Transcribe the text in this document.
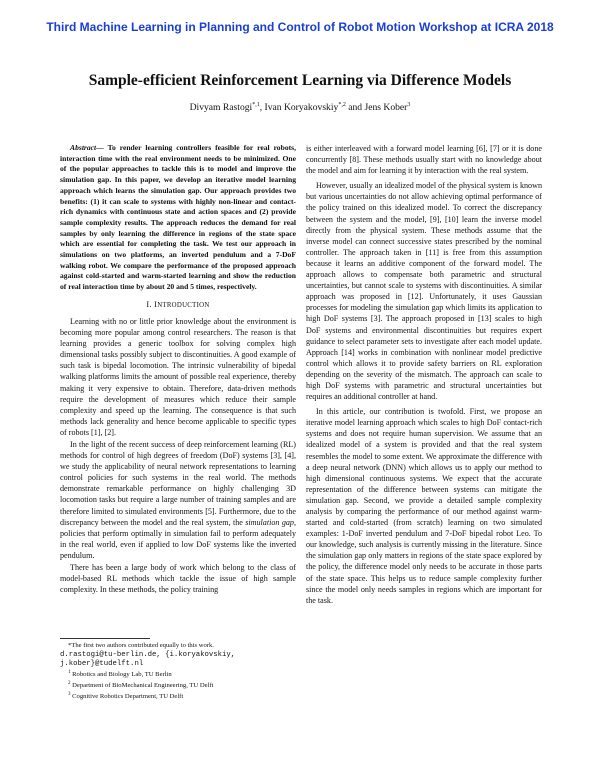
Third Machine Learning in Planning and Control of Robot Motion Workshop at ICRA 2018
Sample-efficient Reinforcement Learning via Difference Models
Divyam Rastogi$^{*,1}$, Ivan Koryakovskiy$^{*,2}$ and Jens Kober$^3$

Abstract— To render learning controllers feasible for real robots, interaction time with the real environment needs to be minimized. One of the popular approaches to tackle this is to model and improve the simulation gap. In this paper, we develop an iterative model learning approach which learns the simulation gap. Our approach provides two benefits: (1) it can scale to systems with highly non-linear and contact-rich dynamics with continuous state and action spaces and (2) provide sample complexity results. The approach reduces the demand for real samples by only learning the difference in regions of the state space which are essential for completing the task. We test our approach in simulations on two platforms, an inverted pendulum and a 7-DoF walking robot. We compare the performance of the proposed approach against cold-started and warm-started learning and show the reduction of real interaction time by about 20 and 5 times, respectively.

I. INTRODUCTION

Learning with no or little prior knowledge about the environment is becoming more popular among control researchers. The reason is that learning provides a generic toolbox for solving complex high dimensional tasks possibly subject to discontinuities. A good example of such task is bipedal locomotion. The intrinsic vulnerability of bipedal walking platforms limits the amount of possible real experience, thereby making it very expensive to obtain. Therefore, data-driven methods require the development of measures which reduce their sample complexity and speed up the learning. The consequence is that such methods lack generality and hence become applicable to specific types of robots [1], [2].

In the light of the recent success of deep reinforcement learning (RL) methods for control of high degrees of freedom (DoF) systems [3], [4], we study the applicability of neural network representations to learning control policies for such systems in the real world. The methods demonstrate remarkable performance on highly challenging 3D locomotion tasks but require a large number of training samples and are therefore limited to simulated environments [5]. Furthermore, due to the discrepancy between the model and the real system, the simulation gap, policies that perform optimally in simulation fail to perform adequately in the real world, even if applied to low DoF systems like the inverted pendulum.

There has been a large body of work which belong to the class of model-based RL methods which tackle the issue of high sample complexity. In these methods, the policy training

*The first two authors contributed equally to this work.
d.rastogi@tu-berlin.de, {i.koryakovskiy, j.kober}@tudelft.nl
$^1$ Robotics and Biology Lab, TU Berlin
$^2$ Department of BioMechanical Engineering, TU Delft
$^3$ Cognitive Robotics Department, TU Delft

is either interleaved with a forward model learning [6], [7] or it is done concurrently [8]. These methods usually start with no knowledge about the model and aim for learning it by interaction with the real system.

However, usually an idealized model of the physical system is known but various uncertainties do not allow achieving optimal performance of the policy trained on this idealized model. To correct the discrepancy between the system and the model, [9], [10] learn the inverse model directly from the physical system. These methods assume that the inverse model can connect successive states prescribed by the nominal controller. The approach taken in [11] is free from this assumption because it learns an additive component of the forward model. The approach allows to compensate both parametric and structural uncertainties, but cannot scale to systems with discontinuities. A similar approach was proposed in [12]. Unfortunately, it uses Gaussian processes for modeling the simulation gap which limits its application to high DoF systems [3]. The approach proposed in [13] scales to high DoF systems and environmental discontinuities but requires expert guidance to select parameter sets to investigate after each model update. Approach [14] works in combination with nonlinear model predictive control which allows it to provide safety barriers on RL exploration depending on the severity of the mismatch. The approach can scale to high DoF systems with parametric and structural uncertainties but requires an additional controller at hand.

In this article, our contribution is twofold. First, we propose an iterative model learning approach which scales to high DoF contact-rich systems and does not require human supervision. We assume that an idealized model of a system is provided and that the real system resembles the model to some extent. We approximate the difference with a deep neural network (DNN) which allows us to apply our method to high dimensional continuous systems. We expect that the accurate representation of the difference between systems can mitigate the simulation gap. Second, we provide a detailed sample complexity analysis by comparing the performance of our method against warm-started and cold-started (from scratch) learning on two simulated examples: 1-DoF inverted pendulum and 7-DoF bipedal robot Leo. To our knowledge, such analysis is currently missing in the literature. Since the simulation gap only matters in regions of the state space explored by the policy, the difference model only needs to be accurate in those parts of the state space. This helps us to reduce sample complexity further since the model only needs samples in regions which are important for the task.
